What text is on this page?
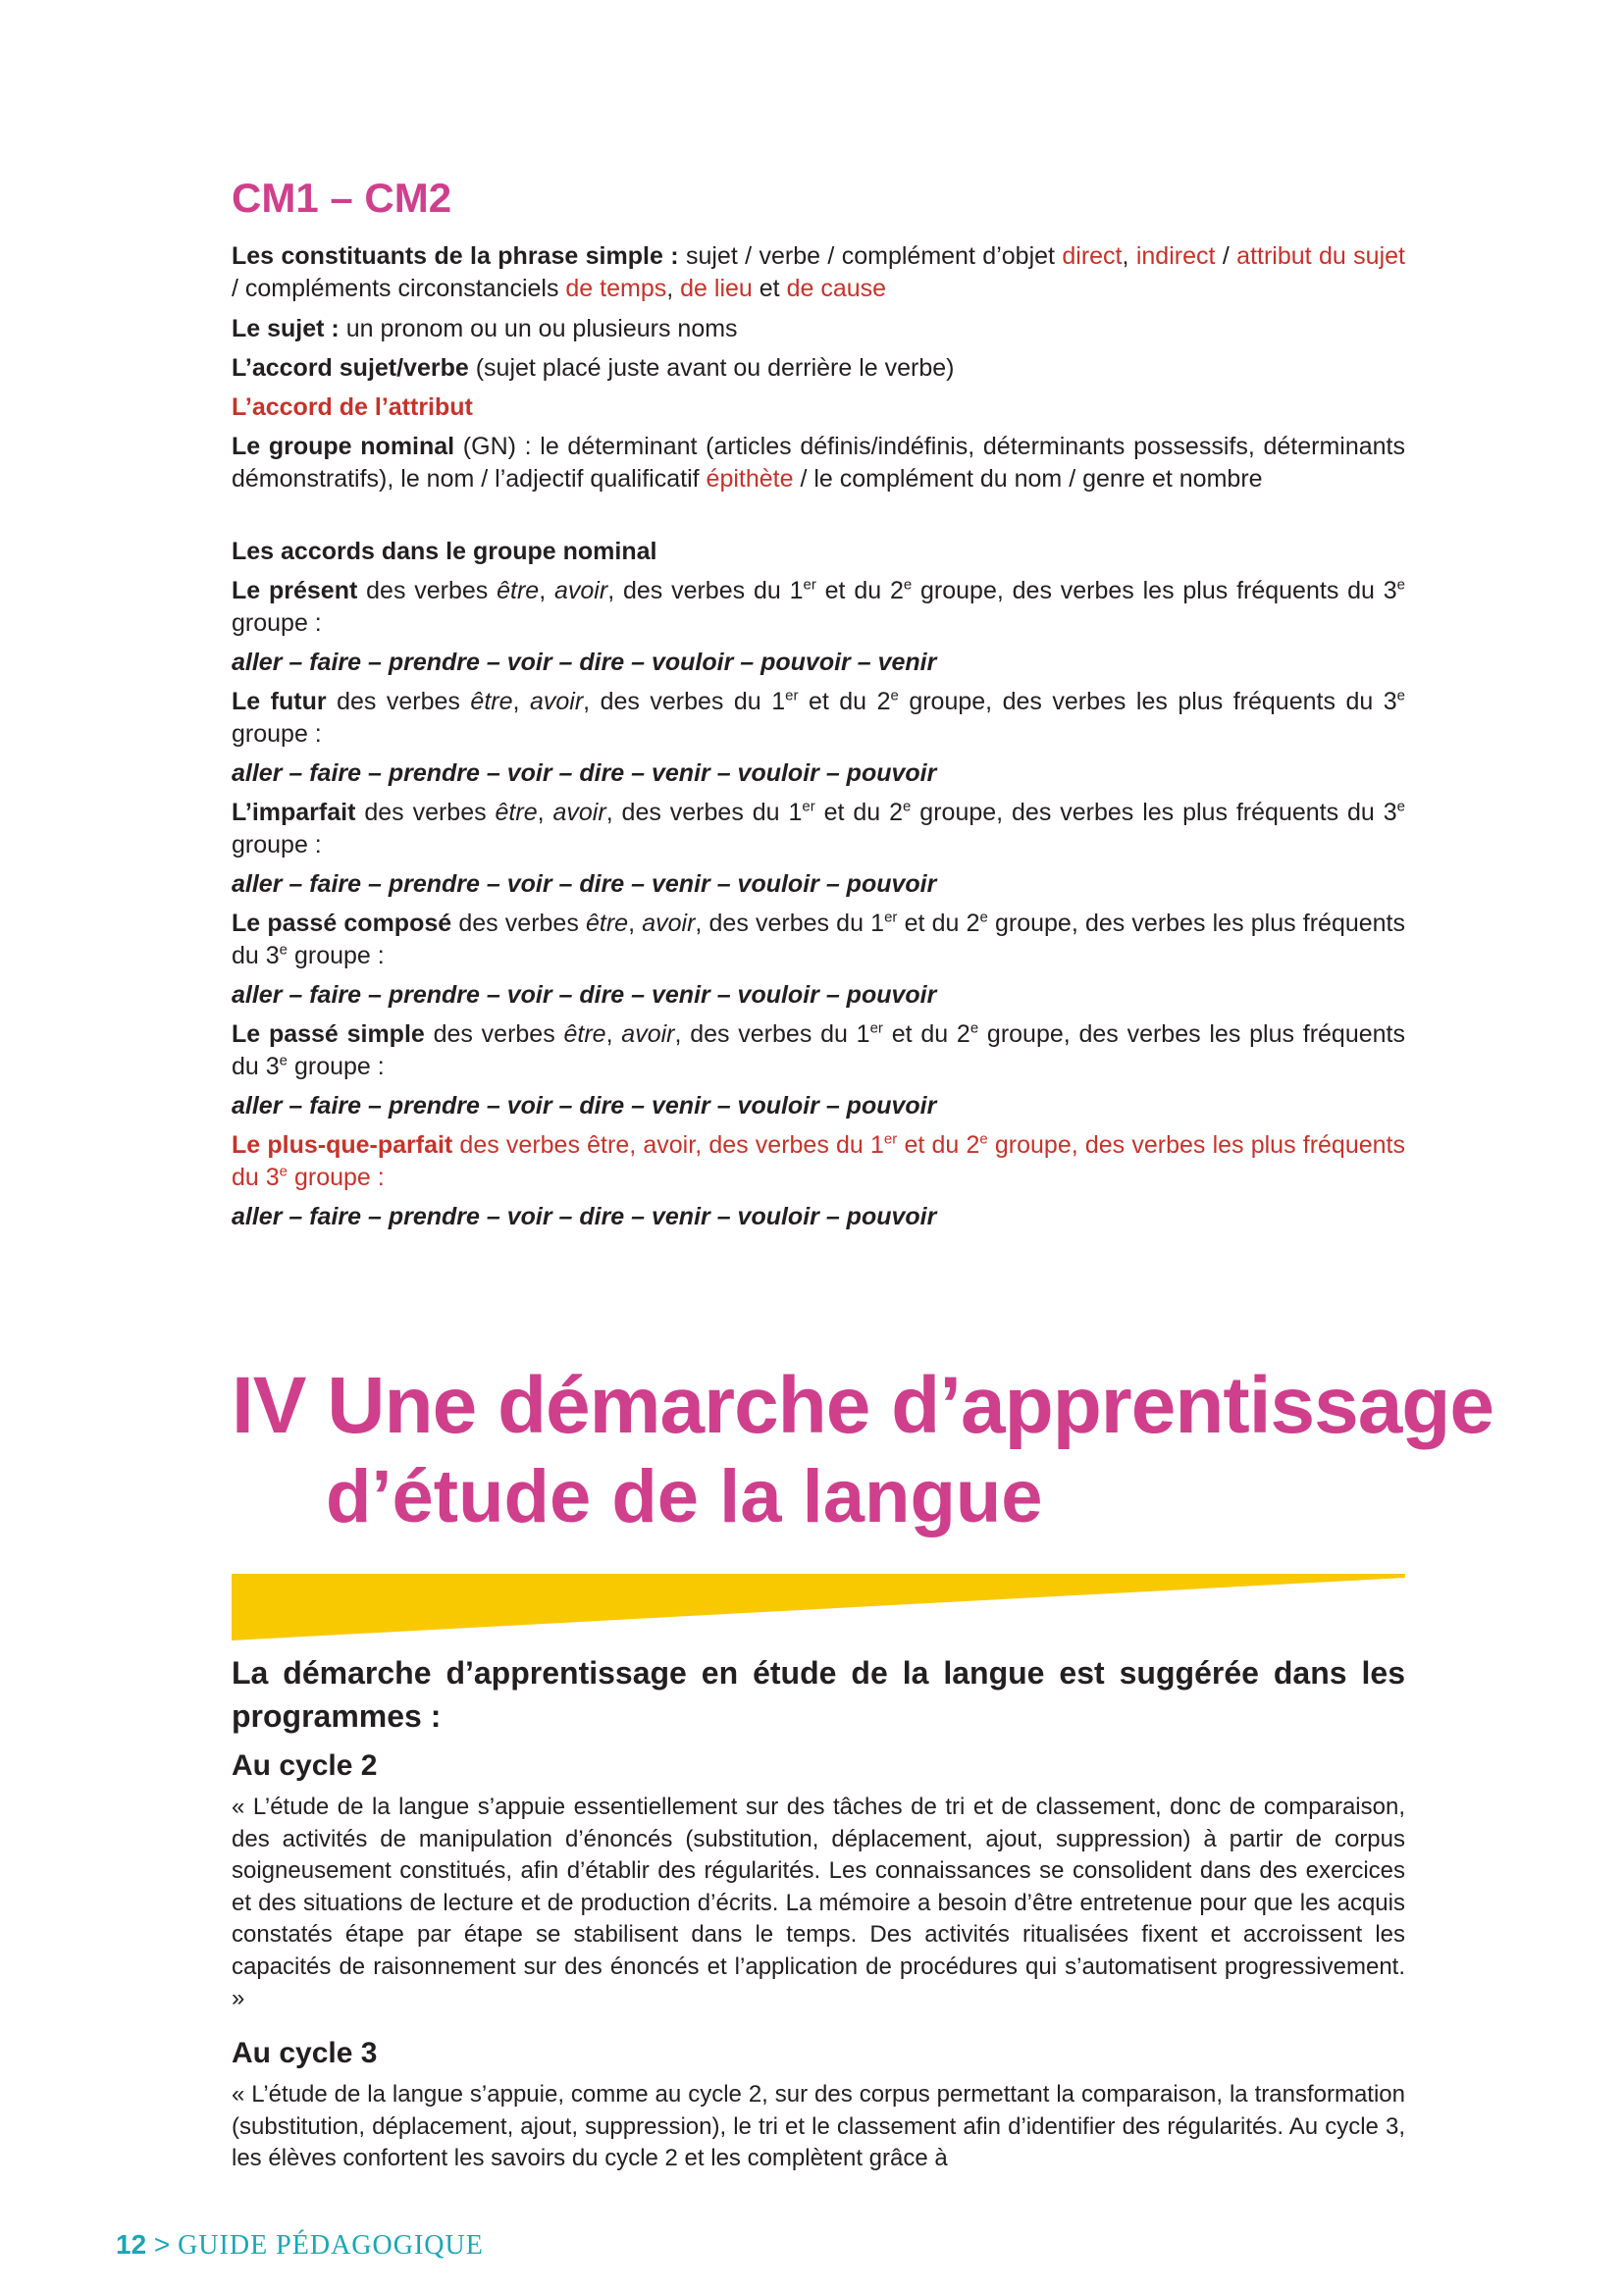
CM1 – CM2

Les constituants de la phrase simple : sujet / verbe / complément d’objet direct, indirect / attribut du sujet / compléments circonstanciels de temps, de lieu et de cause

Le sujet : un pronom ou un ou plusieurs noms

L’accord sujet/verbe (sujet placé juste avant ou derrière le verbe)

L’accord de l’attribut

Le groupe nominal (GN) : le déterminant (articles définis/indéfinis, déterminants possessifs, déterminants démonstratifs), le nom / l’adjectif qualificatif épithète / le complément du nom / genre et nombre

Les accords dans le groupe nominal

Le présent des verbes être, avoir, des verbes du 1er et du 2e groupe, des verbes les plus fréquents du 3e groupe :

aller – faire – prendre – voir – dire – vouloir – pouvoir – venir

Le futur des verbes être, avoir, des verbes du 1er et du 2e groupe, des verbes les plus fréquents du 3e groupe :

aller – faire – prendre – voir – dire – venir – vouloir – pouvoir

L’imparfait des verbes être, avoir, des verbes du 1er et du 2e groupe, des verbes les plus fréquents du 3e groupe :

aller – faire – prendre – voir – dire – venir – vouloir – pouvoir

Le passé composé des verbes être, avoir, des verbes du 1er et du 2e groupe, des verbes les plus fréquents du 3e groupe :

aller – faire – prendre – voir – dire – venir – vouloir – pouvoir

Le passé simple des verbes être, avoir, des verbes du 1er et du 2e groupe, des verbes les plus fréquents du 3e groupe :

aller – faire – prendre – voir – dire – venir – vouloir – pouvoir

Le plus-que-parfait des verbes être, avoir, des verbes du 1er et du 2e groupe, des verbes les plus fréquents du 3e groupe :

aller – faire – prendre – voir – dire – venir – vouloir – pouvoir

IV Une démarche d’apprentissage
d’étude de la langue

La démarche d’apprentissage en étude de la langue est suggérée dans les programmes :

Au cycle 2

« L’étude de la langue s’appuie essentiellement sur des tâches de tri et de classement, donc de comparaison, des activités de manipulation d’énoncés (substitution, déplacement, ajout, suppression) à partir de corpus soigneusement constitués, afin d’établir des régularités. Les connaissances se consolident dans des exercices et des situations de lecture et de production d’écrits. La mémoire a besoin d’être entretenue pour que les acquis constatés étape par étape se stabilisent dans le temps. Des activités ritualisées fixent et accroissent les capacités de raisonnement sur des énoncés et l’application de procédures qui s’automatisent progressivement. »

Au cycle 3

« L’étude de la langue s’appuie, comme au cycle 2, sur des corpus permettant la comparaison, la transformation (substitution, déplacement, ajout, suppression), le tri et le classement afin d’identifier des régularités. Au cycle 3, les élèves confortent les savoirs du cycle 2 et les complètent grâce à

12 > GUIDE PÉDAGOGIQUE
